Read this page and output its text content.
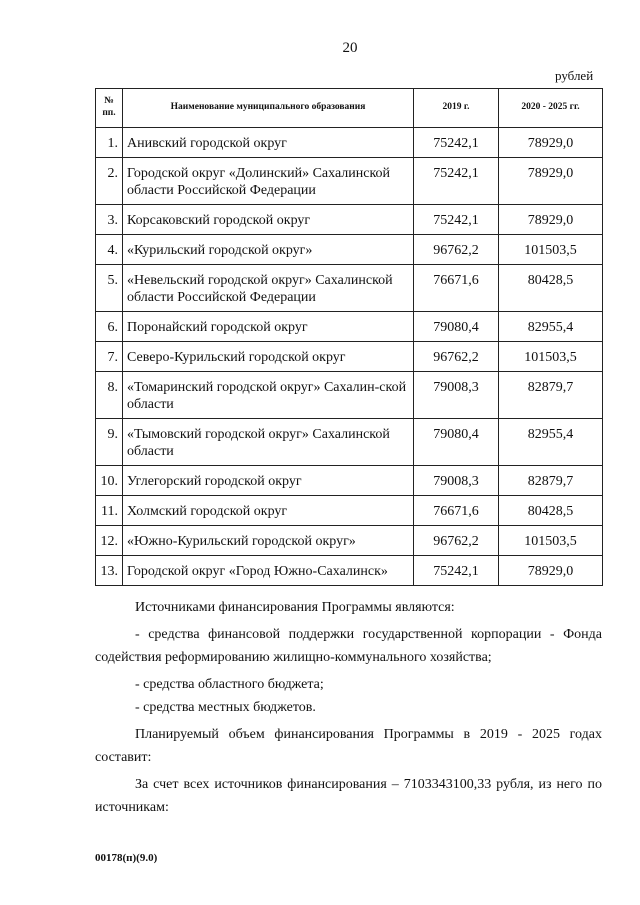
20
рублей
№ пп.	Наименование муниципального образования	2019 г.	2020 - 2025 гг.
1.	Анивский городской округ	75242,1	78929,0
2.	Городской округ «Долинский» Сахалинской области Российской Федерации	75242,1	78929,0
3.	Корсаковский городской округ	75242,1	78929,0
4.	«Курильский городской округ»	96762,2	101503,5
5.	«Невельский городской округ» Сахалинской области Российской Федерации	76671,6	80428,5
6.	Поронайский городской округ	79080,4	82955,4
7.	Северо-Курильский городской округ	96762,2	101503,5
8.	«Томаринский городской округ» Сахалин-ской области	79008,3	82879,7
9.	«Тымовский городской округ» Сахалинской области	79080,4	82955,4
10.	Углегорский городской округ	79008,3	82879,7
11.	Холмский городской округ	76671,6	80428,5
12.	«Южно-Курильский городской округ»	96762,2	101503,5
13.	Городской округ «Город Южно-Сахалинск»	75242,1	78929,0
Источниками финансирования Программы являются:
- средства финансовой поддержки государственной корпорации - Фонда содействия реформированию жилищно-коммунального хозяйства;
- средства областного бюджета;
- средства местных бюджетов.
Планируемый объем финансирования Программы в 2019 - 2025 годах составит:
За счет всех источников финансирования – 7103343100,33 рубля, из него по источникам:
00178(п)(9.0)
